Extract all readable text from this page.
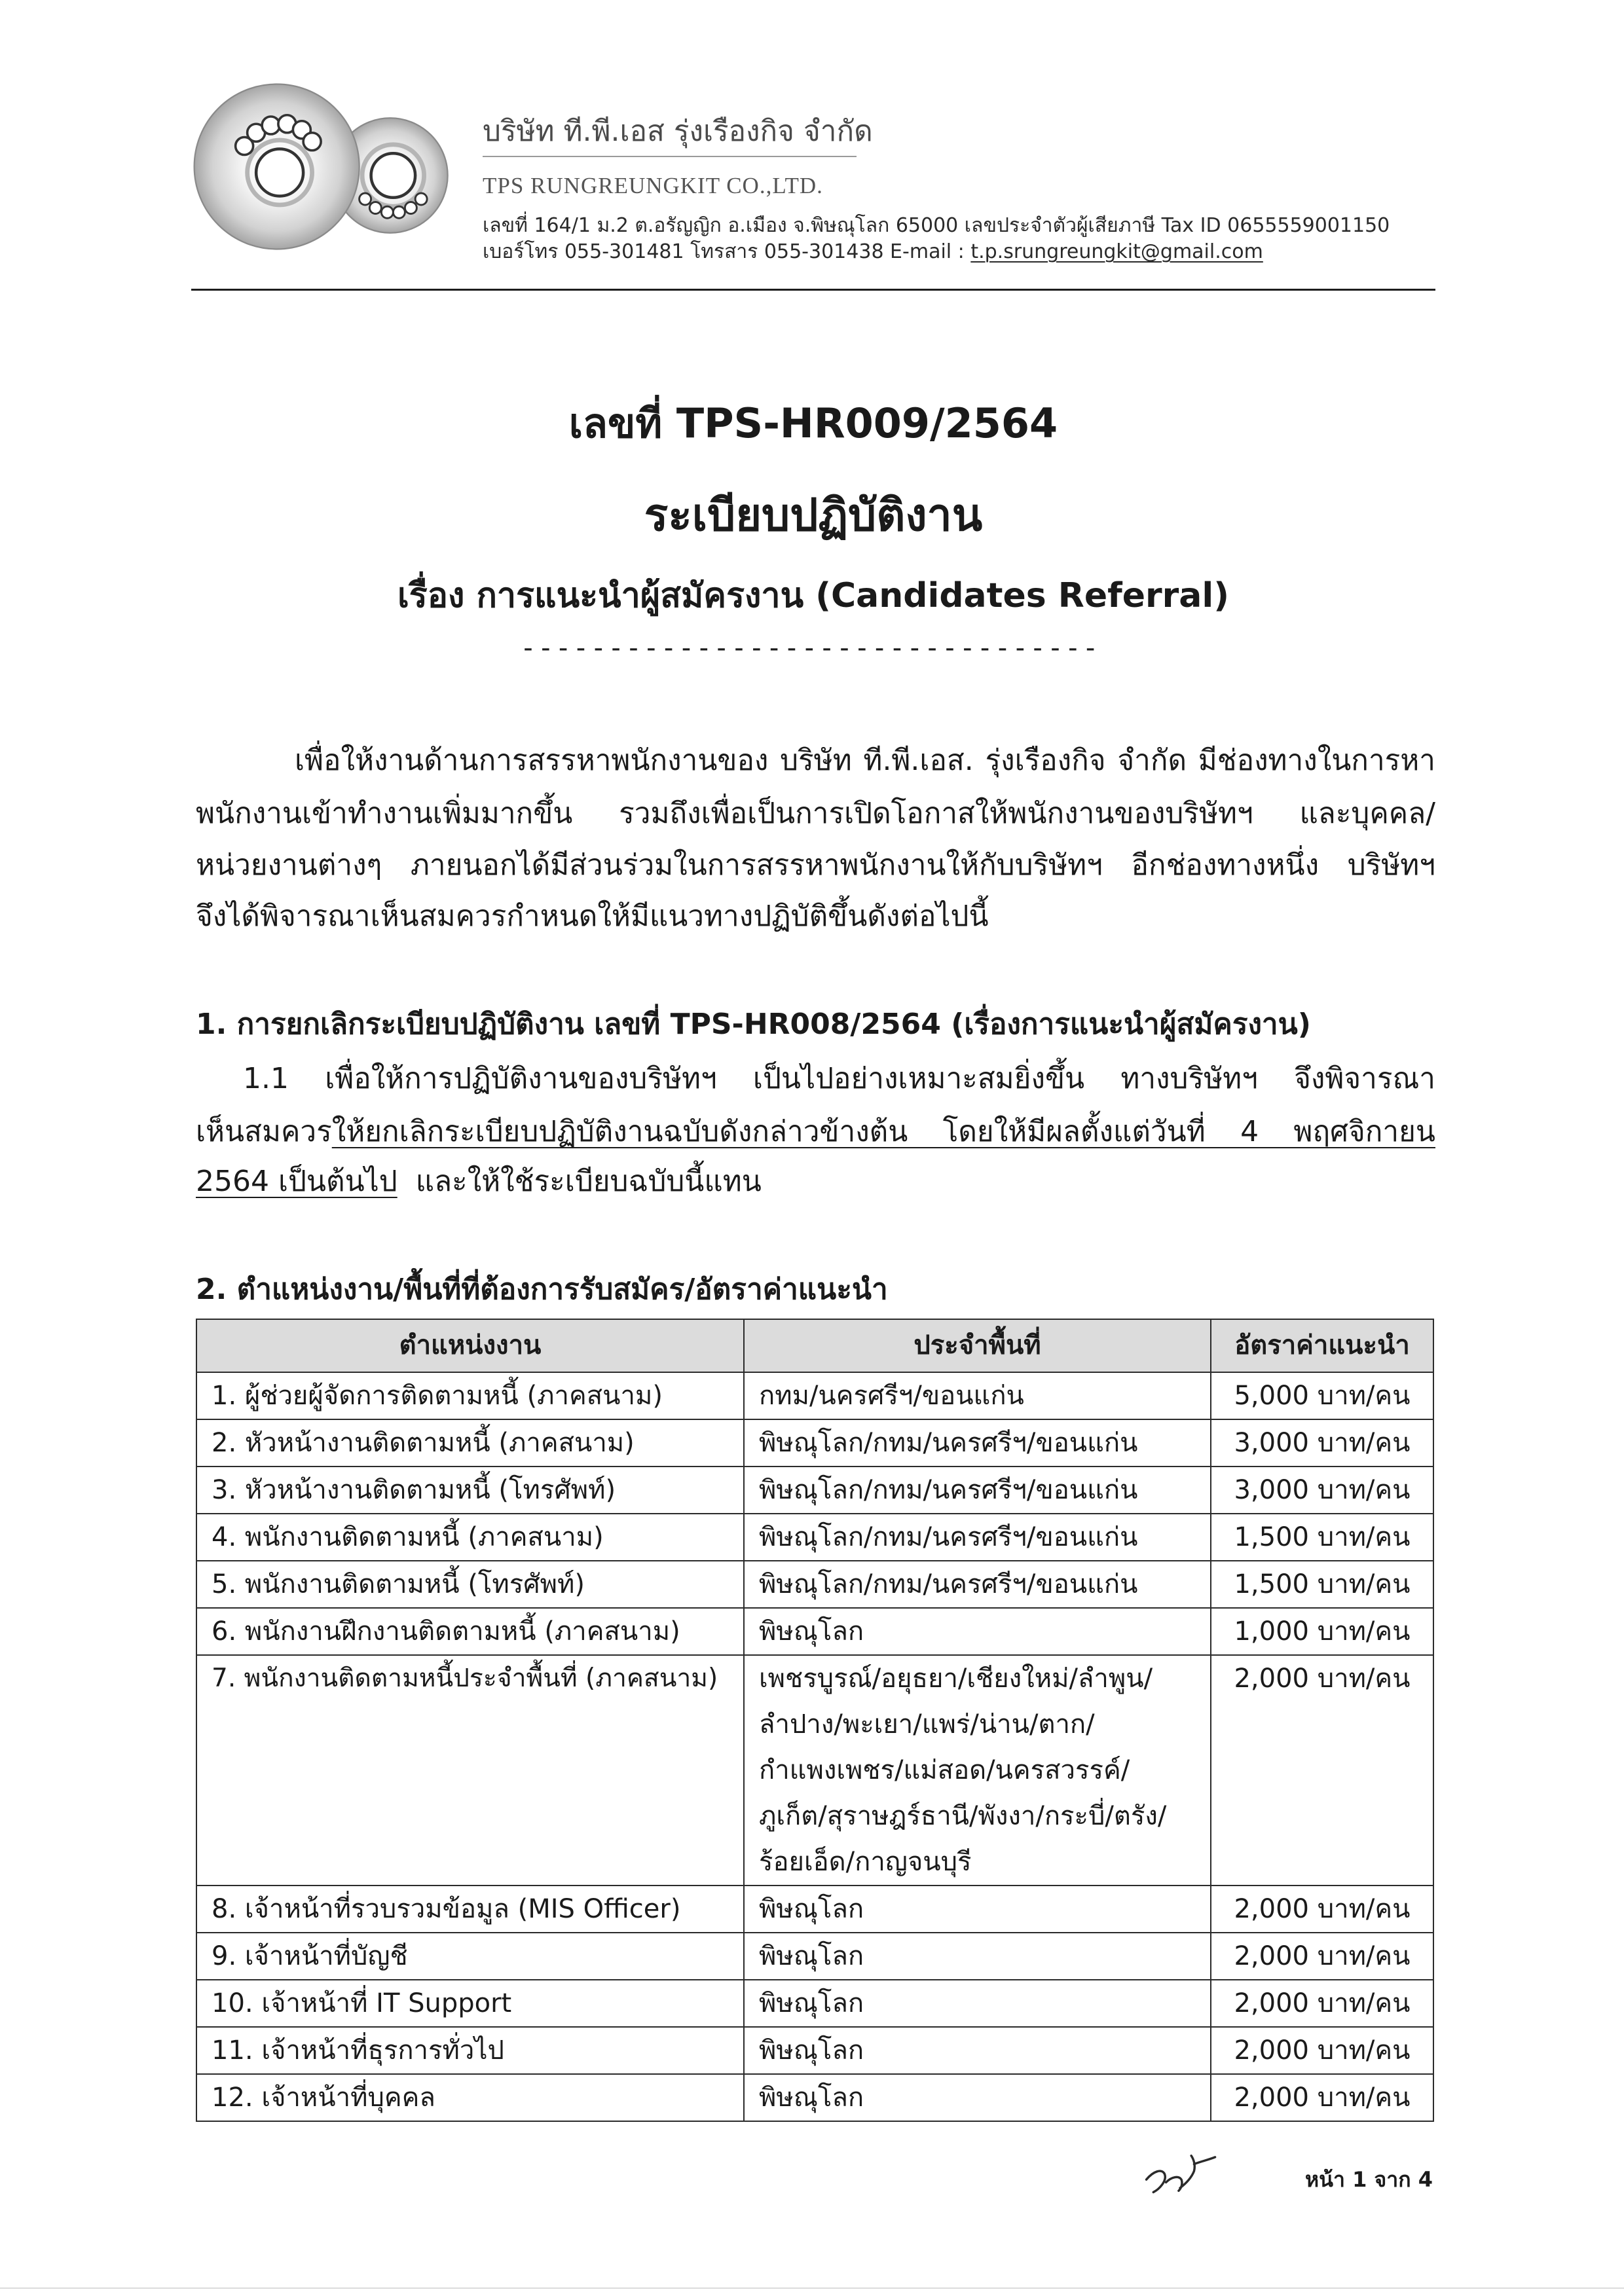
บริษัท ที.พี.เอส รุ่งเรืองกิจ จำกัด
TPS RUNGREUNGKIT CO.,LTD.
เลขที่ 164/1 ม.2 ต.อรัญญิก อ.เมือง จ.พิษณุโลก 65000 เลขประจำตัวผู้เสียภาษี Tax ID 0655559001150
เบอร์โทร 055-301481 โทรสาร 055-301438 E-mail : t.p.srungreungkit@gmail.com
เลขที่ TPS-HR009/2564
ระเบียบปฏิบัติงาน
เรื่อง การแนะนำผู้สมัครงาน (Candidates Referral)
---------------------------------
เพื่อให้งานด้านการสรรหาพนักงานของ บริษัท ที.พี.เอส. รุ่งเรืองกิจ จำกัด มีช่องทางในการหา
พนักงานเข้าทำงานเพิ่มมากขึ้น รวมถึงเพื่อเป็นการเปิดโอกาสให้พนักงานของบริษัทฯ และบุคคล/
หน่วยงานต่างๆ ภายนอกได้มีส่วนร่วมในการสรรหาพนักงานให้กับบริษัทฯ อีกช่องทางหนึ่ง บริษัทฯ
จึงได้พิจารณาเห็นสมควรกำหนดให้มีแนวทางปฏิบัติขึ้นดังต่อไปนี้
1. การยกเลิกระเบียบปฏิบัติงาน เลขที่ TPS-HR008/2564 (เรื่องการแนะนำผู้สมัครงาน)
1.1 เพื่อให้การปฏิบัติงานของบริษัทฯ เป็นไปอย่างเหมาะสมยิ่งขึ้น ทางบริษัทฯ จึงพิจารณา
เห็นสมควรให้ยกเลิกระเบียบปฏิบัติงานฉบับดังกล่าวข้างต้น โดยให้มีผลตั้งแต่วันที่ 4 พฤศจิกายน
2564 เป็นต้นไป และให้ใช้ระเบียบฉบับนี้แทน
2. ตำแหน่งงาน/พื้นที่ที่ต้องการรับสมัคร/อัตราค่าแนะนำ
ตำแหน่งงาน	ประจำพื้นที่	อัตราค่าแนะนำ

1. ผู้ช่วยผู้จัดการติดตามหนี้ (ภาคสนาม)	กทม/นครศรีฯ/ขอนแก่น	5,000 บาท/คน

2. หัวหน้างานติดตามหนี้ (ภาคสนาม)	พิษณุโลก/กทม/นครศรีฯ/ขอนแก่น	3,000 บาท/คน

3. หัวหน้างานติดตามหนี้ (โทรศัพท์)	พิษณุโลก/กทม/นครศรีฯ/ขอนแก่น	3,000 บาท/คน

4. พนักงานติดตามหนี้ (ภาคสนาม)	พิษณุโลก/กทม/นครศรีฯ/ขอนแก่น	1,500 บาท/คน

5. พนักงานติดตามหนี้ (โทรศัพท์)	พิษณุโลก/กทม/นครศรีฯ/ขอนแก่น	1,500 บาท/คน

6. พนักงานฝึกงานติดตามหนี้ (ภาคสนาม)	พิษณุโลก	1,000 บาท/คน

7. พนักงานติดตามหนี้ประจำพื้นที่ (ภาคสนาม)	เพชรบูรณ์/อยุธยา/เชียงใหม่/ลำพูน/
ลำปาง/พะเยา/แพร่/น่าน/ตาก/
กำแพงเพชร/แม่สอด/นครสวรรค์/
ภูเก็ต/สุราษฎร์ธานี/พังงา/กระบี่/ตรัง/
ร้อยเอ็ด/กาญจนบุรี	2,000 บาท/คน

8. เจ้าหน้าที่รวบรวมข้อมูล (MIS Officer)	พิษณุโลก	2,000 บาท/คน

9. เจ้าหน้าที่บัญชี	พิษณุโลก	2,000 บาท/คน

10. เจ้าหน้าที่ IT Support	พิษณุโลก	2,000 บาท/คน

11. เจ้าหน้าที่ธุรการทั่วไป	พิษณุโลก	2,000 บาท/คน

12. เจ้าหน้าที่บุคคล	พิษณุโลก	2,000 บาท/คน
หน้า 1 จาก 4
